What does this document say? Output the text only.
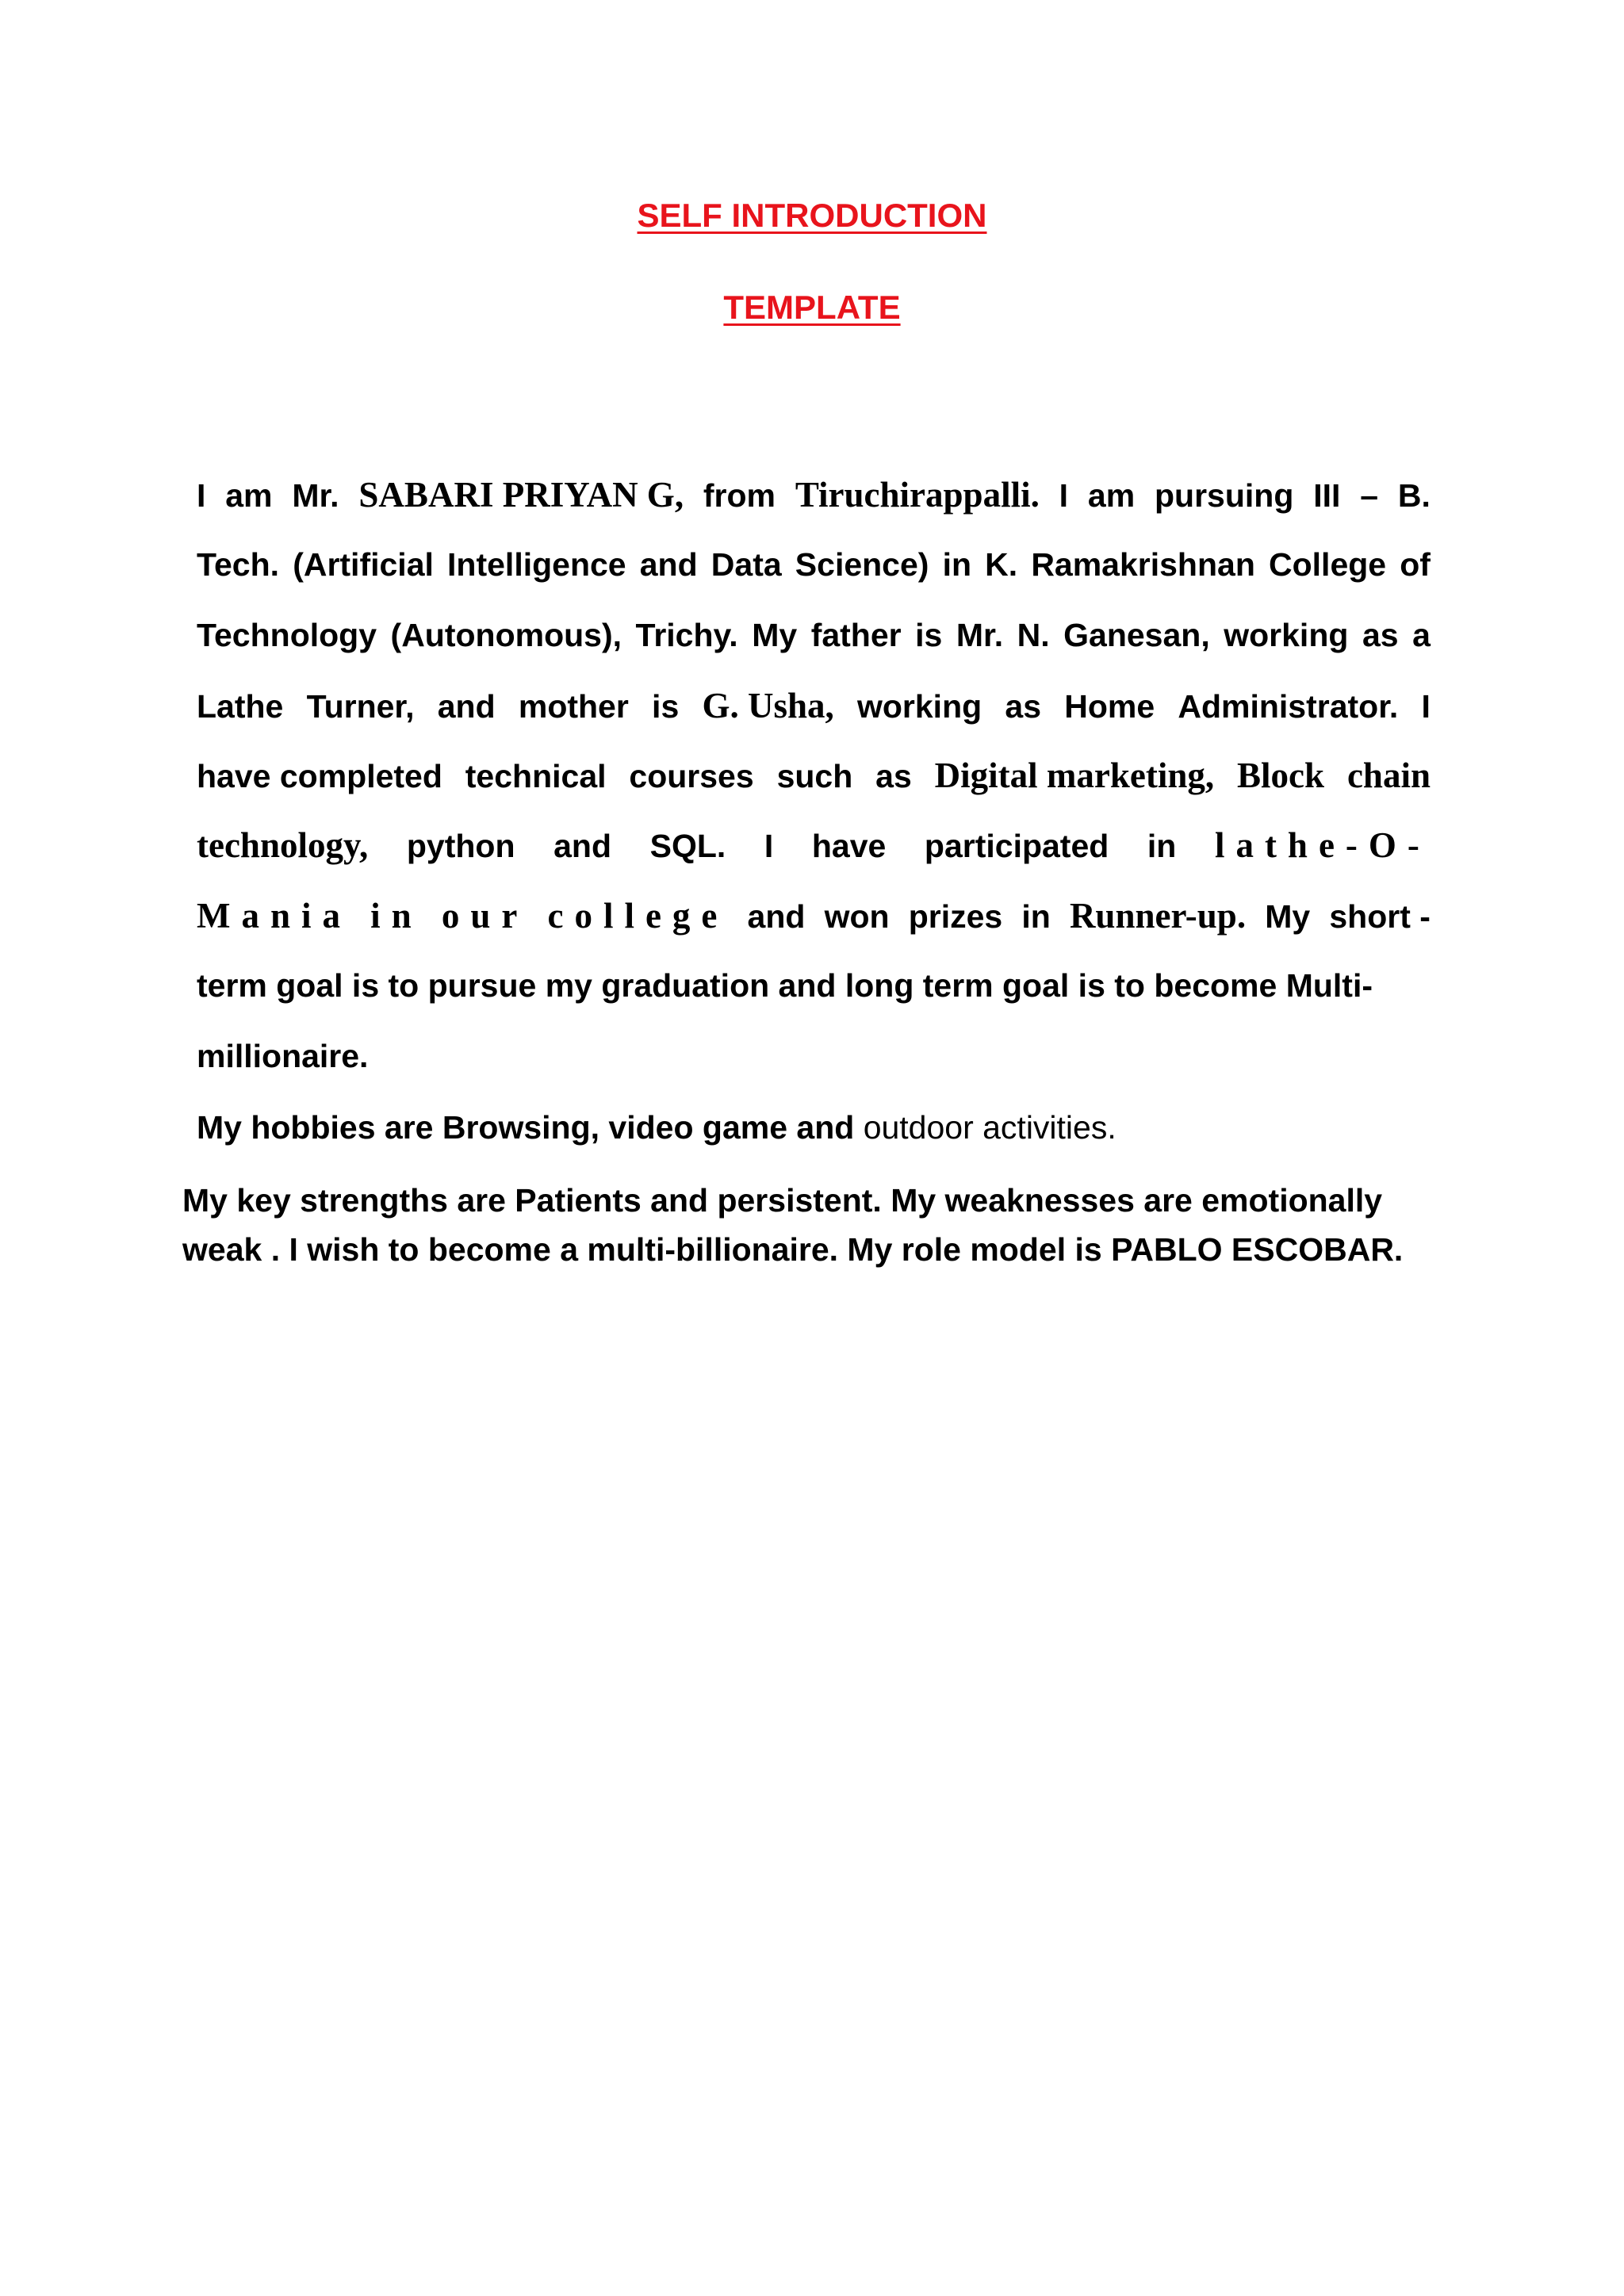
SELF INTRODUCTION
TEMPLATE
I am Mr. SABARI PRIYAN G, from Tiruchirappalli. I am pursuing III – B.
Tech. (Artificial Intelligence and Data Science) in K. Ramakrishnan College of
Technology (Autonomous), Trichy. My father is Mr. N. Ganesan, working as a
Lathe Turner, and mother is G. Usha, working as Home Administrator. I
have completed technical courses such as Digital marketing, Block chain
technology, python and SQL. I have participated in lathe-O-
Mania in our college and won prizes in Runner-up. My short -
term goal is to pursue my graduation and long term goal is to become Multi-
millionaire.
My hobbies are Browsing, video game and outdoor activities.
My key strengths are Patients and persistent. My weaknesses are emotionally
weak . I wish to become a multi-billionaire. My role model is PABLO ESCOBAR.
